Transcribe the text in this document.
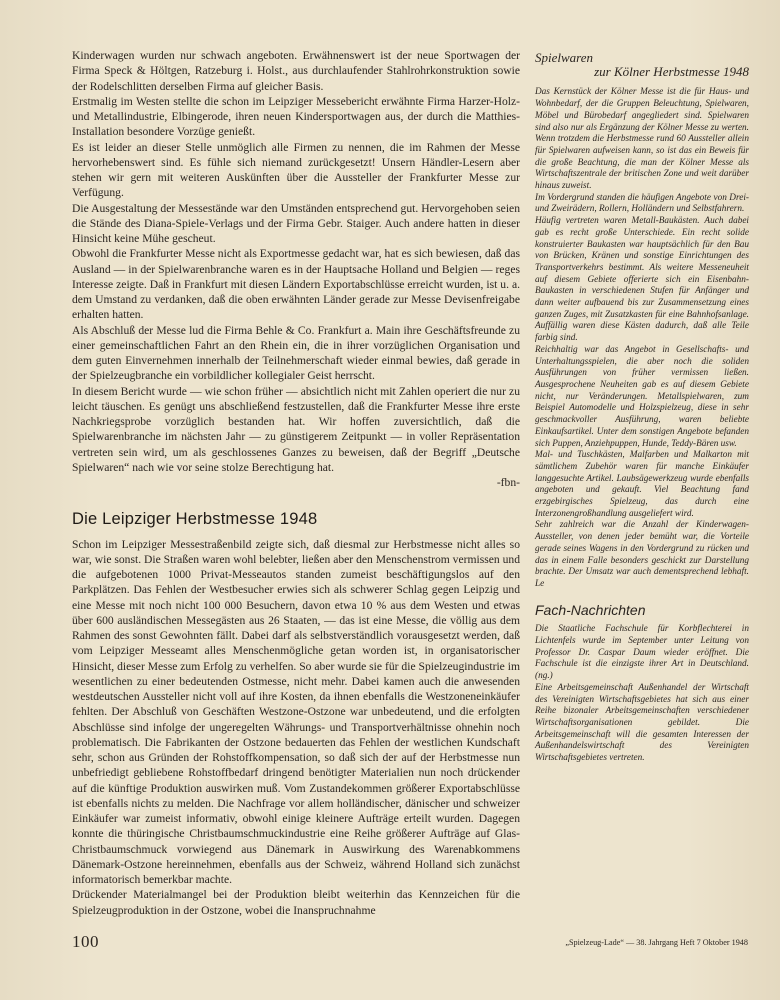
Kinderwagen wurden nur schwach angeboten. Erwähnenswert ist der neue Sportwagen der Firma Speck & Höltgen, Ratzeburg i. Holst., aus durchlaufender Stahlrohrkonstruktion sowie der Rodelschlitten derselben Firma auf gleicher Basis.

Erstmalig im Westen stellte die schon im Leipziger Messebericht erwähnte Firma Harzer-Holz- und Metallindustrie, Elbingerode, ihren neuen Kindersportwagen aus, der durch die Matthies-Installation besondere Vorzüge genießt.

Es ist leider an dieser Stelle unmöglich alle Firmen zu nennen, die im Rahmen der Messe hervorhebenswert sind. Es fühle sich niemand zurückgesetzt! Unsern Händler-Lesern aber stehen wir gern mit weiteren Auskünften über die Aussteller der Frankfurter Messe zur Verfügung.

Die Ausgestaltung der Messestände war den Umständen entsprechend gut. Hervorgehoben seien die Stände des Diana-Spiele-Verlags und der Firma Gebr. Staiger. Auch andere hatten in dieser Hinsicht keine Mühe gescheut.

Obwohl die Frankfurter Messe nicht als Exportmesse gedacht war, hat es sich bewiesen, daß das Ausland — in der Spielwarenbranche waren es in der Hauptsache Holland und Belgien — reges Interesse zeigte. Daß in Frankfurt mit diesen Ländern Exportabschlüsse erreicht wurden, ist u. a. dem Umstand zu verdanken, daß die oben erwähnten Länder gerade zur Messe Devisenfreigabe erhalten hatten.

Als Abschluß der Messe lud die Firma Behle & Co. Frankfurt a. Main ihre Geschäftsfreunde zu einer gemeinschaftlichen Fahrt an den Rhein ein, die in ihrer vorzüglichen Organisation und dem guten Einvernehmen innerhalb der Teilnehmerschaft wieder einmal bewies, daß gerade in der Spielzeugbranche ein vorbildlicher kollegialer Geist herrscht.

In diesem Bericht wurde — wie schon früher — absichtlich nicht mit Zahlen operiert die nur zu leicht täuschen. Es genügt uns abschließend festzustellen, daß die Frankfurter Messe ihre erste Nachkriegsprobe vorzüglich bestanden hat. Wir hoffen zuversichtlich, daß die Spielwarenbranche im nächsten Jahr — zu günstigerem Zeitpunkt — in voller Repräsentation vertreten sein wird, um als geschlossenes Ganzes zu beweisen, daß der Begriff „Deutsche Spielwaren“ nach wie vor seine stolze Berechtigung hat.

-fbn-
Die Leipziger Herbstmesse 1948

Schon im Leipziger Messestraßenbild zeigte sich, daß diesmal zur Herbstmesse nicht alles so war, wie sonst. Die Straßen waren wohl belebter, ließen aber den Menschenstrom vermissen und die aufgebotenen 1000 Privat-Messeautos standen zumeist beschäftigungslos auf den Parkplätzen. Das Fehlen der Westbesucher erwies sich als schwerer Schlag gegen Leipzig und eine Messe mit noch nicht 100 000 Besuchern, davon etwa 10 % aus dem Westen und etwas über 600 ausländischen Messegästen aus 26 Staaten, — das ist eine Messe, die völlig aus dem Rahmen des sonst Gewohnten fällt. Dabei darf als selbstverständlich vorausgesetzt werden, daß vom Leipziger Messeamt alles Menschenmögliche getan worden ist, in organisatorischer Hinsicht, dieser Messe zum Erfolg zu verhelfen. So aber wurde sie für die Spielzeugindustrie im wesentlichen zu einer bedeutenden Ostmesse, nicht mehr. Dabei kamen auch die anwesenden westdeutschen Aussteller nicht voll auf ihre Kosten, da ihnen ebenfalls die Westzoneneinkäufer fehlten. Der Abschluß von Geschäften Westzone-Ostzone war unbedeutend, und die erfolgten Abschlüsse sind infolge der ungeregelten Währungs- und Transportverhältnisse ohnehin noch problematisch. Die Fabrikanten der Ostzone bedauerten das Fehlen der westlichen Kundschaft sehr, schon aus Gründen der Rohstoffkompensation, so daß sich der auf der Herbstmesse nun unbefriedigt gebliebene Rohstoffbedarf dringend benötigter Materialien nun noch drückender auf die künftige Produktion auswirken muß. Vom Zustandekommen größerer Exportabschlüsse ist ebenfalls nichts zu melden. Die Nachfrage vor allem holländischer, dänischer und schweizer Einkäufer war zumeist informativ, obwohl einige kleinere Aufträge erteilt wurden. Dagegen konnte die thüringische Christbaumschmuckindustrie eine Reihe größerer Aufträge auf Glas-Christbaumschmuck vorwiegend aus Dänemark in Auswirkung des Warenabkommens Dänemark-Ostzone hereinnehmen, ebenfalls aus der Schweiz, während Holland sich zunächst informatorisch bemerkbar machte.

Drückender Materialmangel bei der Produktion bleibt weiterhin das Kennzeichen für die Spielzeugproduktion in der Ostzone, wobei die Inanspruchnahme

Spielwaren
zur Kölner Herbstmesse 1948

Das Kernstück der Kölner Messe ist die für Haus- und Wohnbedarf, der die Gruppen Beleuchtung, Spielwaren, Möbel und Bürobedarf angegliedert sind. Spielwaren sind also nur als Ergänzung der Kölner Messe zu werten. Wenn trotzdem die Herbstmesse rund 60 Aussteller allein für Spielwaren aufweisen kann, so ist das ein Beweis für die große Beachtung, die man der Kölner Messe als Wirtschaftszentrale der britischen Zone und weit darüber hinaus zuweist.

Im Vordergrund standen die häufigen Angebote von Drei- und Zweirädern, Rollern, Holländern und Selbstfahrern.

Häufig vertreten waren Metall-Baukästen. Auch dabei gab es recht große Unterschiede. Ein recht solide konstruierter Baukasten war hauptsächlich für den Bau von Brücken, Kränen und sonstige Einrichtungen des Transportverkehrs bestimmt. Als weitere Messeneuheit auf diesem Gebiete offerierte sich ein Eisenbahn-Baukasten in verschiedenen Stufen für Anfänger und dann weiter aufbauend bis zur Zusammensetzung eines ganzen Zuges, mit Zusatzkasten für eine Bahnhofsanlage. Auffällig waren diese Kästen dadurch, daß alle Teile farbig sind.

Reichhaltig war das Angebot in Gesellschafts- und Unterhaltungsspielen, die aber noch die soliden Ausführungen von früher vermissen ließen. Ausgesprochene Neuheiten gab es auf diesem Gebiete nicht, nur Veränderungen. Metallspielwaren, zum Beispiel Automodelle und Holzspielzeug, diese in sehr geschmackvoller Ausführung, waren beliebte Einkaufsartikel. Unter dem sonstigen Angebote befanden sich Puppen, Anziehpuppen, Hunde, Teddy-Bären usw.

Mal- und Tuschkästen, Malfarben und Malkarton mit sämtlichem Zubehör waren für manche Einkäufer langgesuchte Artikel. Laubsägewerkzeug wurde ebenfalls angeboten und gekauft. Viel Beachtung fand erzgebirgisches Spielzeug, das durch eine Interzonengroßhandlung ausgeliefert wird.

Sehr zahlreich war die Anzahl der Kinderwagen-Aussteller, von denen jeder bemüht war, die Vorteile gerade seines Wagens in den Vordergrund zu rücken und das in einem Falle besonders geschickt zur Darstellung brachte. Der Umsatz war auch dementsprechend lebhaft. Le

Fach-Nachrichten

Die Staatliche Fachschule für Korbflechterei in Lichtenfels wurde im September unter Leitung von Professor Dr. Caspar Daum wieder eröffnet. Die Fachschule ist die einzigste ihrer Art in Deutschland. (ng.)

Eine Arbeitsgemeinschaft Außenhandel der Wirtschaft des Vereinigten Wirtschaftsgebietes hat sich aus einer Reihe bizonaler Arbeitsgemeinschaften verschiedener Wirtschaftsorganisationen gebildet. Die Arbeitsgemeinschaft will die gesamten Interessen der Außenhandelswirtschaft des Vereinigten Wirtschaftsgebietes vertreten.

100	„Spielzeug-Lade“ — 38. Jahrgang Heft 7 Oktober 1948
